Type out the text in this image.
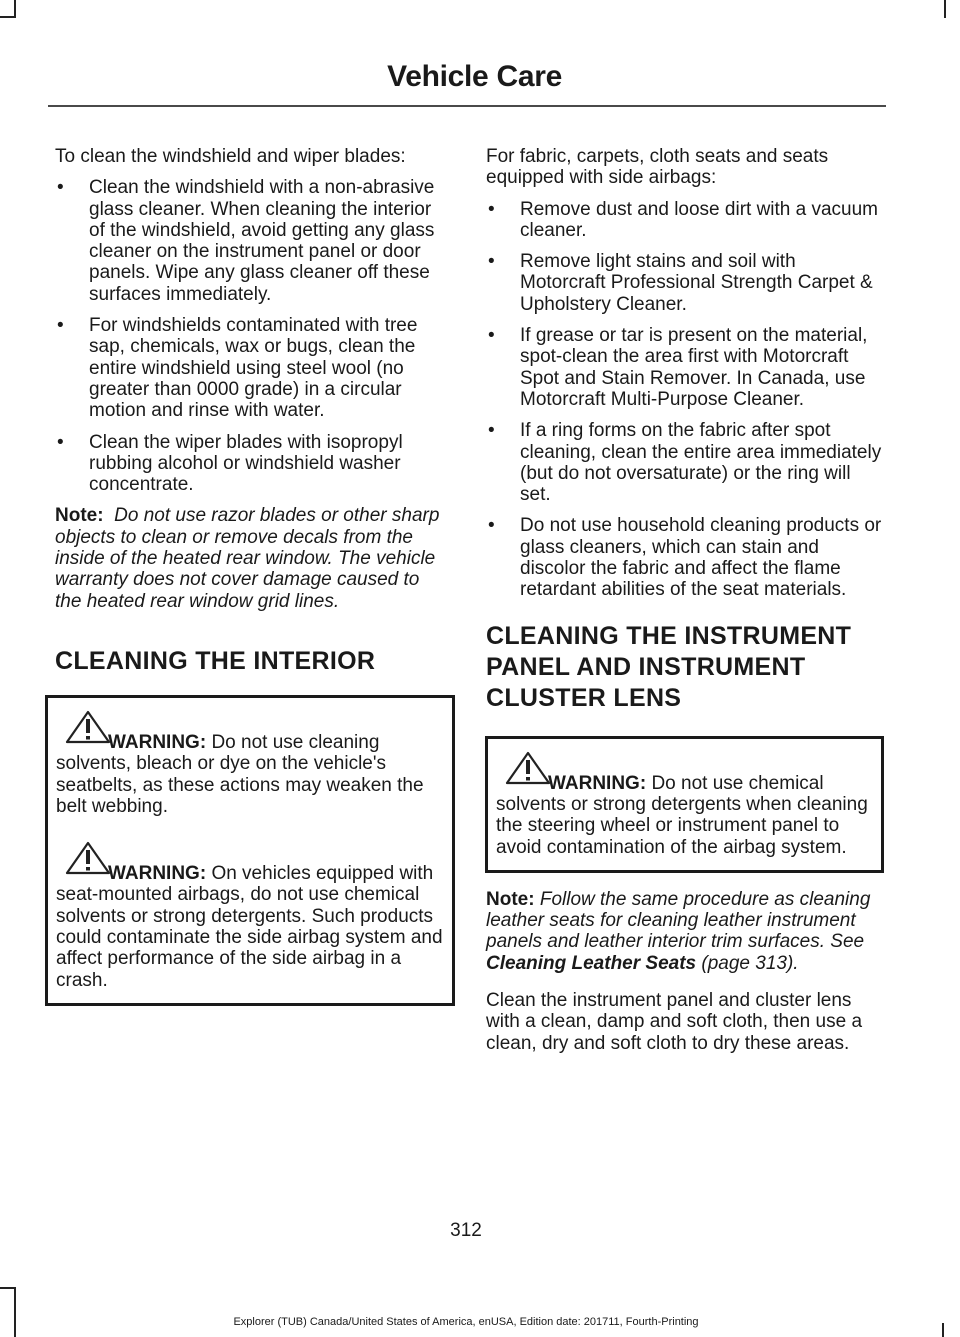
Vehicle Care

To clean the windshield and wiper blades:

• Clean the windshield with a non-abrasive glass cleaner. When cleaning the interior of the windshield, avoid getting any glass cleaner on the instrument panel or door panels. Wipe any glass cleaner off these surfaces immediately.
• For windshields contaminated with tree sap, chemicals, wax or bugs, clean the entire windshield using steel wool (no greater than 0000 grade) in a circular motion and rinse with water.
• Clean the wiper blades with isopropyl rubbing alcohol or windshield washer concentrate.

Note: Do not use razor blades or other sharp objects to clean or remove decals from the inside of the heated rear window. The vehicle warranty does not cover damage caused to the heated rear window grid lines.

CLEANING THE INTERIOR
WARNING: Do not use cleaning solvents, bleach or dye on the vehicle's seatbelts, as these actions may weaken the belt webbing.
WARNING: On vehicles equipped with seat-mounted airbags, do not use chemical solvents or strong detergents. Such products could contaminate the side airbag system and affect performance of the side airbag in a crash.

For fabric, carpets, cloth seats and seats equipped with side airbags:

• Remove dust and loose dirt with a vacuum cleaner.
• Remove light stains and soil with Motorcraft Professional Strength Carpet & Upholstery Cleaner.
• If grease or tar is present on the material, spot-clean the area first with Motorcraft Spot and Stain Remover. In Canada, use Motorcraft Multi-Purpose Cleaner.
• If a ring forms on the fabric after spot cleaning, clean the entire area immediately (but do not oversaturate) or the ring will set.
• Do not use household cleaning products or glass cleaners, which can stain and discolor the fabric and affect the flame retardant abilities of the seat materials.
CLEANING THE INSTRUMENT PANEL AND INSTRUMENT CLUSTER LENS
WARNING: Do not use chemical solvents or strong detergents when cleaning the steering wheel or instrument panel to avoid contamination of the airbag system.

Note: Follow the same procedure as cleaning leather seats for cleaning leather instrument panels and leather interior trim surfaces. See Cleaning Leather Seats (page 313).

Clean the instrument panel and cluster lens with a clean, damp and soft cloth, then use a clean, dry and soft cloth to dry these areas.

312
Explorer (TUB) Canada/United States of America, enUSA, Edition date: 201711, Fourth-Printing
